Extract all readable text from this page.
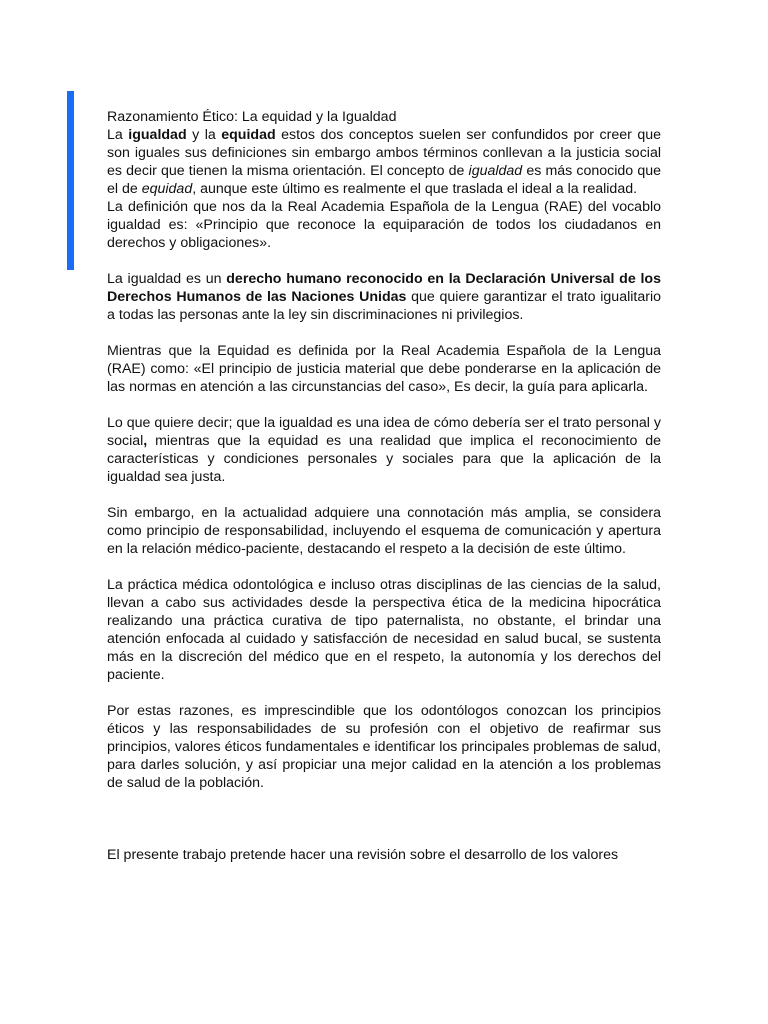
Razonamiento Ético: La equidad y la Igualdad

La igualdad y la equidad estos dos conceptos suelen ser confundidos por creer que son iguales sus definiciones sin embargo ambos términos conllevan a la justicia social es decir que tienen la misma orientación. El concepto de igualdad es más conocido que el de equidad, aunque este último es realmente el que traslada el ideal a la realidad.

La definición que nos da la Real Academia Española de la Lengua (RAE) del vocablo igualdad es: «Principio que reconoce la equiparación de todos los ciudadanos en derechos y obligaciones».

La igualdad es un derecho humano reconocido en la Declaración Universal de los Derechos Humanos de las Naciones Unidas que quiere garantizar el trato igualitario a todas las personas ante la ley sin discriminaciones ni privilegios.

Mientras que la Equidad es definida por la Real Academia Española de la Lengua (RAE) como: «El principio de justicia material que debe ponderarse en la aplicación de las normas en atención a las circunstancias del caso», Es decir, la guía para aplicarla.

Lo que quiere decir; que la igualdad es una idea de cómo debería ser el trato personal y social, mientras que la equidad es una realidad que implica el reconocimiento de características y condiciones personales y sociales para que la aplicación de la igualdad sea justa.

Sin embargo, en la actualidad adquiere una connotación más amplia, se considera como principio de responsabilidad, incluyendo el esquema de comunicación y apertura en la relación médico-paciente, destacando el respeto a la decisión de este último.

La práctica médica odontológica e incluso otras disciplinas de las ciencias de la salud, llevan a cabo sus actividades desde la perspectiva ética de la medicina hipocrática realizando una práctica curativa de tipo paternalista, no obstante, el brindar una atención enfocada al cuidado y satisfacción de necesidad en salud bucal, se sustenta más en la discreción del médico que en el respeto, la autonomía y los derechos del paciente.

Por estas razones, es imprescindible que los odontólogos conozcan los principios éticos y las responsabilidades de su profesión con el objetivo de reafirmar sus principios, valores éticos fundamentales e identificar los principales problemas de salud, para darles solución, y así propiciar una mejor calidad en la atención a los problemas de salud de la población.

El presente trabajo pretende hacer una revisión sobre el desarrollo de los valores
